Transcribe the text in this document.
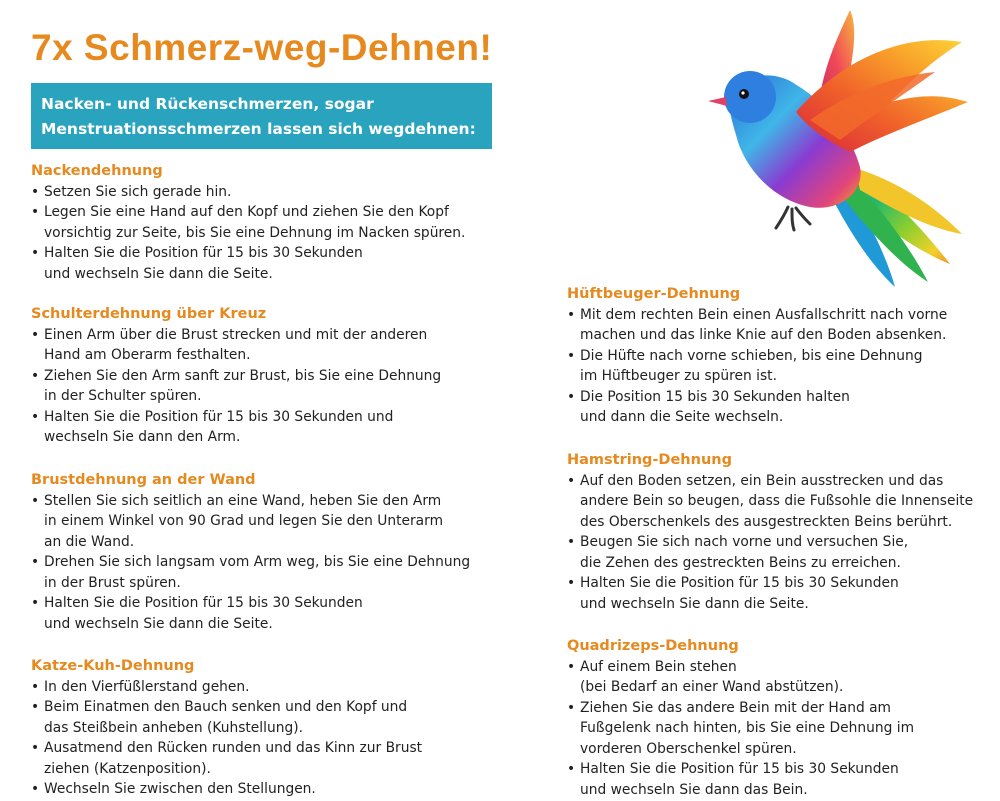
7x Schmerz-weg-Dehnen!
Nacken- und Rückenschmerzen, sogar
Menstruationsschmerzen lassen sich wegdehnen:
Nackendehnung
• Setzen Sie sich gerade hin.
• Legen Sie eine Hand auf den Kopf und ziehen Sie den Kopf
vorsichtig zur Seite, bis Sie eine Dehnung im Nacken spüren.
• Halten Sie die Position für 15 bis 30 Sekunden
und wechseln Sie dann die Seite.
Schulterdehnung über Kreuz
• Einen Arm über die Brust strecken und mit der anderen
Hand am Oberarm festhalten.
• Ziehen Sie den Arm sanft zur Brust, bis Sie eine Dehnung
in der Schulter spüren.
• Halten Sie die Position für 15 bis 30 Sekunden und
wechseln Sie dann den Arm.
Brustdehnung an der Wand
• Stellen Sie sich seitlich an eine Wand, heben Sie den Arm
in einem Winkel von 90 Grad und legen Sie den Unterarm
an die Wand.
• Drehen Sie sich langsam vom Arm weg, bis Sie eine Dehnung
in der Brust spüren.
• Halten Sie die Position für 15 bis 30 Sekunden
und wechseln Sie dann die Seite.
Katze-Kuh-Dehnung
• In den Vierfüßlerstand gehen.
• Beim Einatmen den Bauch senken und den Kopf und
das Steißbein anheben (Kuhstellung).
• Ausatmend den Rücken runden und das Kinn zur Brust
ziehen (Katzenposition).
• Wechseln Sie zwischen den Stellungen.
Hüftbeuger-Dehnung
• Mit dem rechten Bein einen Ausfallschritt nach vorne
machen und das linke Knie auf den Boden absenken.
• Die Hüfte nach vorne schieben, bis eine Dehnung
im Hüftbeuger zu spüren ist.
• Die Position 15 bis 30 Sekunden halten
und dann die Seite wechseln.
Hamstring-Dehnung
• Auf den Boden setzen, ein Bein ausstrecken und das
andere Bein so beugen, dass die Fußsohle die Innenseite
des Oberschenkels des ausgestreckten Beins berührt.
• Beugen Sie sich nach vorne und versuchen Sie,
die Zehen des gestreckten Beins zu erreichen.
• Halten Sie die Position für 15 bis 30 Sekunden
und wechseln Sie dann die Seite.
Quadrizeps-Dehnung
• Auf einem Bein stehen
(bei Bedarf an einer Wand abstützen).
• Ziehen Sie das andere Bein mit der Hand am
Fußgelenk nach hinten, bis Sie eine Dehnung im
vorderen Oberschenkel spüren.
• Halten Sie die Position für 15 bis 30 Sekunden
und wechseln Sie dann das Bein.
